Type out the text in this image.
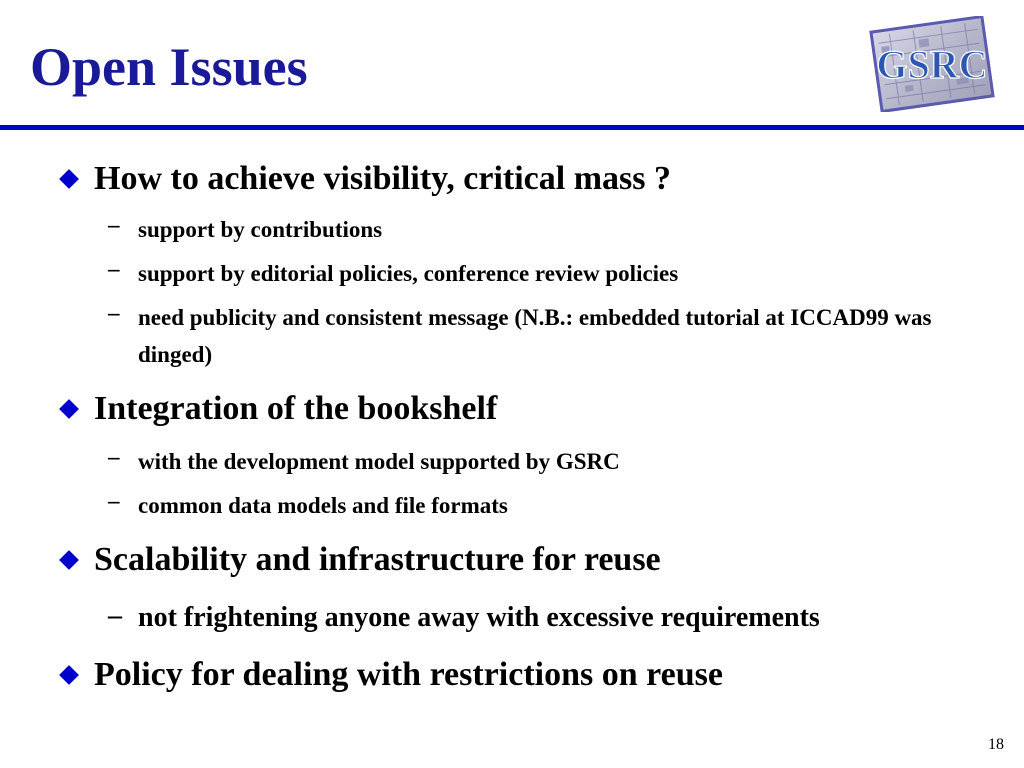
Open Issues	GSRC
How to achieve visibility, critical mass ?
– support by contributions
– support by editorial policies, conference review policies
– need publicity and consistent message (N.B.: embedded tutorial at ICCAD99 was dinged)
Integration of the bookshelf
– with the development model supported by GSRC
– common data models and file formats
Scalability and infrastructure for reuse
– not frightening anyone away with excessive requirements
Policy for dealing with restrictions on reuse
18
